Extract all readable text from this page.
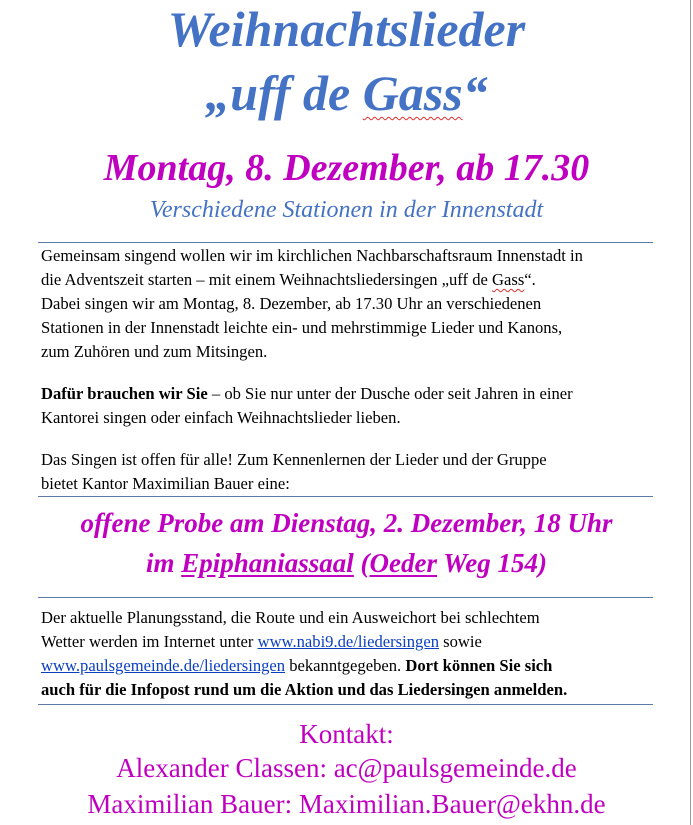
Weihnachtslieder
„uff de Gass“

Montag, 8. Dezember, ab 17.30

Verschiedene Stationen in der Innenstadt

Gemeinsam singend wollen wir im kirchlichen Nachbarschaftsraum Innenstadt in
die Adventszeit starten – mit einem Weihnachtsliedersingen „uff de Gass“.
Dabei singen wir am Montag, 8. Dezember, ab 17.30 Uhr an verschiedenen
Stationen in der Innenstadt leichte ein- und mehrstimmige Lieder und Kanons,
zum Zuhören und zum Mitsingen.
Dafür brauchen wir Sie – ob Sie nur unter der Dusche oder seit Jahren in einer
Kantorei singen oder einfach Weihnachtslieder lieben.
Das Singen ist offen für alle! Zum Kennenlernen der Lieder und der Gruppe
bietet Kantor Maximilian Bauer eine:

offene Probe am Dienstag, 2. Dezember, 18 Uhr

im Epiphaniassaal (Oeder Weg 154)

Der aktuelle Planungsstand, die Route und ein Ausweichort bei schlechtem
Wetter werden im Internet unter www.nabi9.de/liedersingen sowie
www.paulsgemeinde.de/liedersingen bekanntgegeben. Dort können Sie sich
auch für die Infopost rund um die Aktion und das Liedersingen anmelden.

Kontakt:

Alexander Classen: ac@paulsgemeinde.de

Maximilian Bauer: Maximilian.Bauer@ekhn.de
